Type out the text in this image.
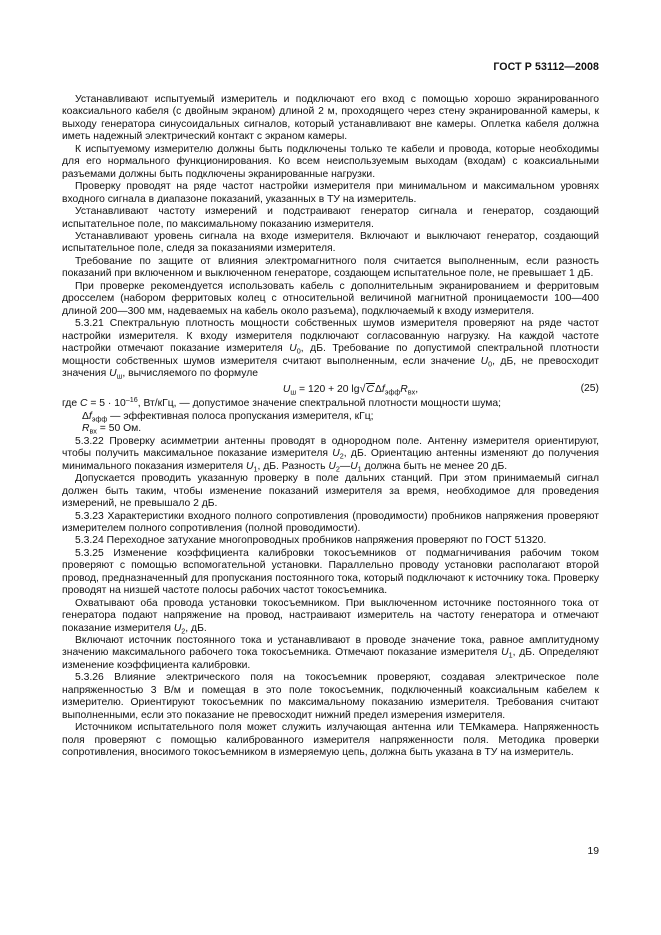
ГОСТ Р 53112—2008

Устанавливают испытуемый измеритель и подключают его вход с помощью хорошо экранированного коаксиального кабеля (с двойным экраном) длиной 2 м, проходящего через стену экранированной камеры, к выходу генератора синусоидальных сигналов, который устанавливают вне камеры. Оплетка кабеля должна иметь надежный электрический контакт с экраном камеры.

К испытуемому измерителю должны быть подключены только те кабели и провода, которые необходимы для его нормального функционирования. Ко всем неиспользуемым выходам (входам) с коаксиальными разъемами должны быть подключены экранированные нагрузки.

Проверку проводят на ряде частот настройки измерителя при минимальном и максимальном уровнях входного сигнала в диапазоне показаний, указанных в ТУ на измеритель.

Устанавливают частоту измерений и подстраивают генератор сигнала и генератор, создающий испытательное поле, по максимальному показанию измерителя.

Устанавливают уровень сигнала на входе измерителя. Включают и выключают генератор, создающий испытательное поле, следя за показаниями измерителя.

Требование по защите от влияния электромагнитного поля считается выполненным, если разность показаний при включенном и выключенном генераторе, создающем испытательное поле, не превышает 1 дБ.

При проверке рекомендуется использовать кабель с дополнительным экранированием и ферритовым дросселем (набором ферритовых колец с относительной величиной магнитной проницаемости 100—400 длиной 200—300 мм, надеваемых на кабель около разъема), подключаемый к входу измерителя.

5.3.21 Спектральную плотность мощности собственных шумов измерителя проверяют на ряде частот настройки измерителя. К входу измерителя подключают согласованную нагрузку. На каждой частоте настройки отмечают показание измерителя $U_0$, дБ. Требование по допустимой спектральной плотности мощности собственных шумов измерителя считают выполненным, если значение $U_0$, дБ, не превосходит значения $U_ш$, вычисляемого по формуле

$U_ш = 120 + 20$ $\lg√C\Delta f_{эфф}R_{вх}$,	(25)

где $C = 5 \cdot 10^{-16}$, Вт/кГц, — допустимое значение спектральной плотности мощности шума;

$\Delta f_{эфф}$ — эффективная полоса пропускания измерителя, кГц;

$R_{вх} = 50$ Ом.

5.3.22 Проверку асимметрии антенны проводят в однородном поле. Антенну измерителя ориентируют, чтобы получить максимальное показание измерителя $U_2$, дБ. Ориентацию антенны изменяют до получения минимального показания измерителя $U_1$, дБ. Разность $U_2—U_1$ должна быть не менее 20 дБ.

Допускается проводить указанную проверку в поле дальних станций. При этом принимаемый сигнал должен быть таким, чтобы изменение показаний измерителя за время, необходимое для проведения измерений, не превышало 2 дБ.

5.3.23 Характеристики входного полного сопротивления (проводимости) пробников напряжения проверяют измерителем полного сопротивления (полной проводимости).

5.3.24 Переходное затухание многопроводных пробников напряжения проверяют по ГОСТ 51320.

5.3.25 Изменение коэффициента калибровки токосъемников от подмагничивания рабочим током проверяют с помощью вспомогательной установки. Параллельно проводу установки располагают второй провод, предназначенный для пропускания постоянного тока, который подключают к источнику тока. Проверку проводят на низшей частоте полосы рабочих частот токосъемника.

Охватывают оба провода установки токосъемником. При выключенном источнике постоянного тока от генератора подают напряжение на провод, настраивают измеритель на частоту генератора и отмечают показание измерителя $U_2$, дБ.

Включают источник постоянного тока и устанавливают в проводе значение тока, равное амплитудному значению максимального рабочего тока токосъемника. Отмечают показание измерителя $U_1$, дБ. Определяют изменение коэффициента калибровки.

5.3.26 Влияние электрического поля на токосъемник проверяют, создавая электрическое поле напряженностью 3 В/м и помещая в это поле токосъемник, подключенный коаксиальным кабелем к измерителю. Ориентируют токосъемник по максимальному показанию измерителя. Требования считают выполненными, если это показание не превосходит нижний предел измерения измерителя.

Источником испытательного поля может служить излучающая антенна или ТЕМкамера. Напряженность поля проверяют с помощью калиброванного измерителя напряженности поля. Методика проверки сопротивления, вносимого токосъемником в измеряемую цепь, должна быть указана в ТУ на измеритель.

19
